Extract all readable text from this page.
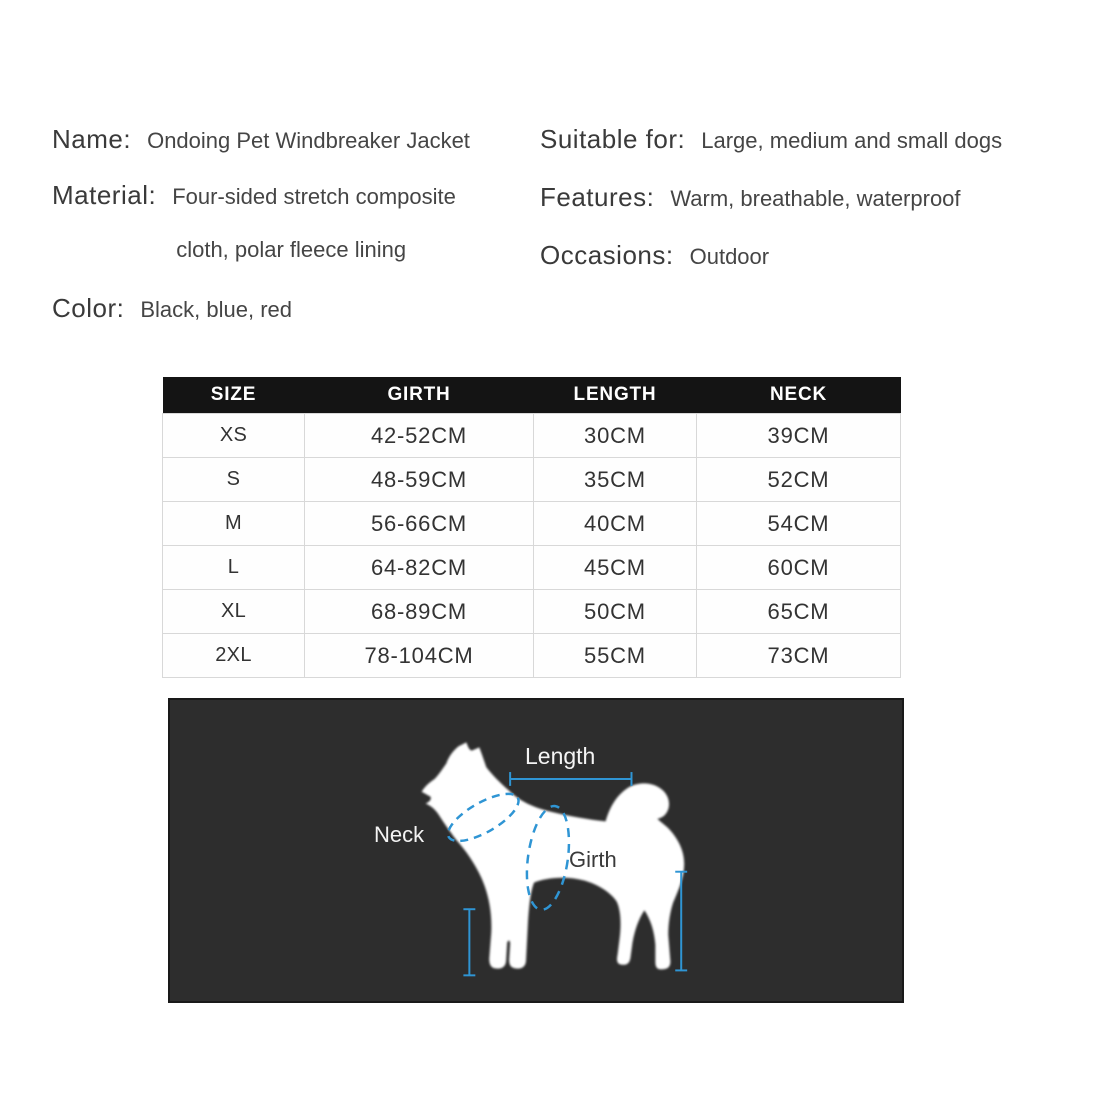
Name: Ondoing Pet Windbreaker Jacket
Material: Four-sided stretch composite
cloth, polar fleece lining
Color: Black, blue, red
Suitable for: Large, medium and small dogs
Features: Warm, breathable, waterproof
Occasions: Outdoor
SIZE	GIRTH	LENGTH	NECK
XS	42-52CM	30CM	39CM
S	48-59CM	35CM	52CM
M	56-66CM	40CM	54CM
L	64-82CM	45CM	60CM
XL	68-89CM	50CM	65CM
2XL	78-104CM	55CM	73CM
Length
Neck
Girth
